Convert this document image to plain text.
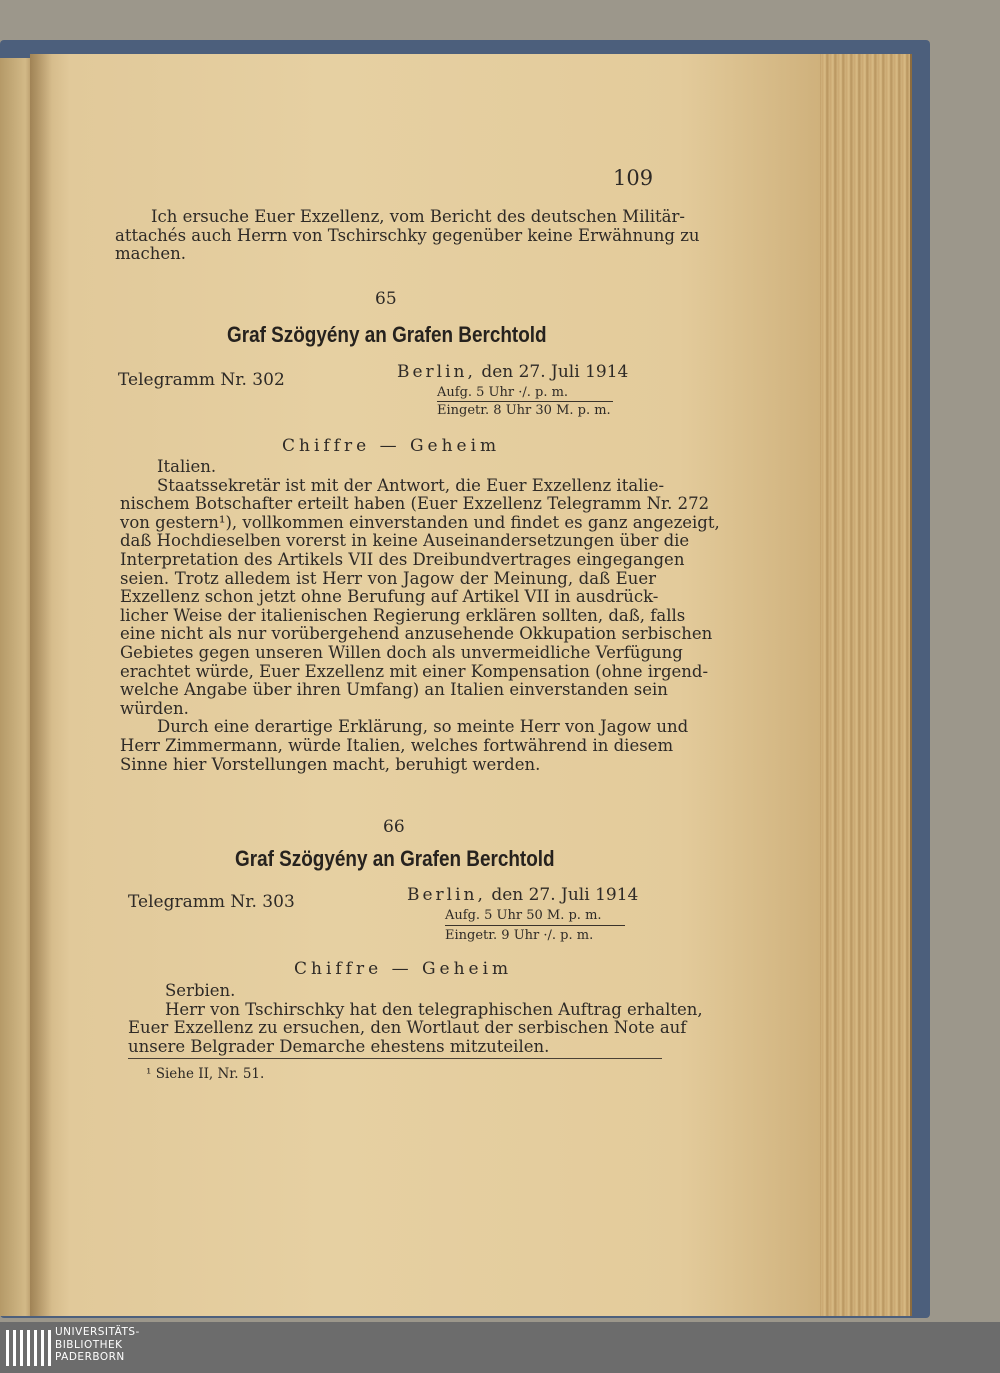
109
Ich ersuche Euer Exzellenz, vom Bericht des deutschen Militär-
attachés auch Herrn von Tschirschky gegenüber keine Erwähnung zu
machen.
65
Graf Szögyény an Grafen Berchtold
Telegramm Nr. 302	Berlin, den 27. Juli 1914
Aufg. 5 Uhr ·/. p. m.
Eingetr. 8 Uhr 30 M. p. m.
Chiffre — Geheim
Italien.
Staatssekretär ist mit der Antwort, die Euer Exzellenz italie-
nischem Botschafter erteilt haben (Euer Exzellenz Telegramm Nr. 272
von gestern¹), vollkommen einverstanden und findet es ganz angezeigt,
daß Hochdieselben vorerst in keine Auseinandersetzungen über die
Interpretation des Artikels VII des Dreibundvertrages eingegangen
seien. Trotz alledem ist Herr von Jagow der Meinung, daß Euer
Exzellenz schon jetzt ohne Berufung auf Artikel VII in ausdrück-
licher Weise der italienischen Regierung erklären sollten, daß, falls
eine nicht als nur vorübergehend anzusehende Okkupation serbischen
Gebietes gegen unseren Willen doch als unvermeidliche Verfügung
erachtet würde, Euer Exzellenz mit einer Kompensation (ohne irgend-
welche Angabe über ihren Umfang) an Italien einverstanden sein
würden.
Durch eine derartige Erklärung, so meinte Herr von Jagow und
Herr Zimmermann, würde Italien, welches fortwährend in diesem
Sinne hier Vorstellungen macht, beruhigt werden.
66
Graf Szögyény an Grafen Berchtold
Telegramm Nr. 303	Berlin, den 27. Juli 1914
Aufg. 5 Uhr 50 M. p. m.
Eingetr. 9 Uhr ·/. p. m.
Chiffre — Geheim
Serbien.
Herr von Tschirschky hat den telegraphischen Auftrag erhalten,
Euer Exzellenz zu ersuchen, den Wortlaut der serbischen Note auf
unsere Belgrader Demarche ehestens mitzuteilen.
¹ Siehe II, Nr. 51.
UNIVERSITÄTS-
BIBLIOTHEK
PADERBORN
